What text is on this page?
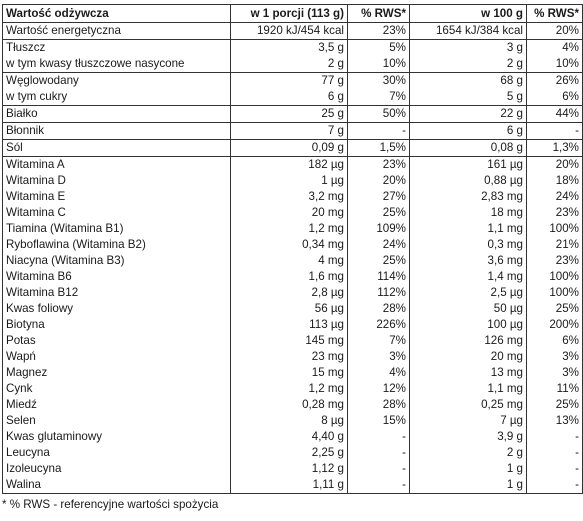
Wartość odżywcza	w 1 porcji (113 g)	% RWS*	w 100 g	% RWS*
Wartość energetyczna	1920 kJ/454 kcal	23%	1654 kJ/384 kcal	20%
Tłuszcz	3,5 g	5%	3 g	4%
w tym kwasy tłuszczowe nasycone	2 g	10%	2 g	10%
Węglowodany	77 g	30%	68 g	26%
w tym cukry	6 g	7%	5 g	6%
Białko	25 g	50%	22 g	44%
Błonnik	7 g	-	6 g	-
Sól	0,09 g	1,5%	0,08 g	1,3%
Witamina A	182 µg	23%	161 µg	20%
Witamina D	1 µg	20%	0,88 µg	18%
Witamina E	3,2 mg	27%	2,83 mg	24%
Witamina C	20 mg	25%	18 mg	23%
Tiamina (Witamina B1)	1,2 mg	109%	1,1 mg	100%
Ryboflawina (Witamina B2)	0,34 mg	24%	0,3 mg	21%
Niacyna (Witamina B3)	4 mg	25%	3,6 mg	23%
Witamina B6	1,6 mg	114%	1,4 mg	100%
Witamina B12	2,8 µg	112%	2,5 µg	100%
Kwas foliowy	56 µg	28%	50 µg	25%
Biotyna	113 µg	226%	100 µg	200%
Potas	145 mg	7%	126 mg	6%
Wapń	23 mg	3%	20 mg	3%
Magnez	15 mg	4%	13 mg	3%
Cynk	1,2 mg	12%	1,1 mg	11%
Miedź	0,28 mg	28%	0,25 mg	25%
Selen	8 µg	15%	7 µg	13%
Kwas glutaminowy	4,40 g	-	3,9 g	-
Leucyna	2,25 g	-	2 g	-
Izoleucyna	1,12 g	-	1 g	-
Walina	1,11 g	-	1 g	-
* % RWS - referencyjne wartości spożycia
